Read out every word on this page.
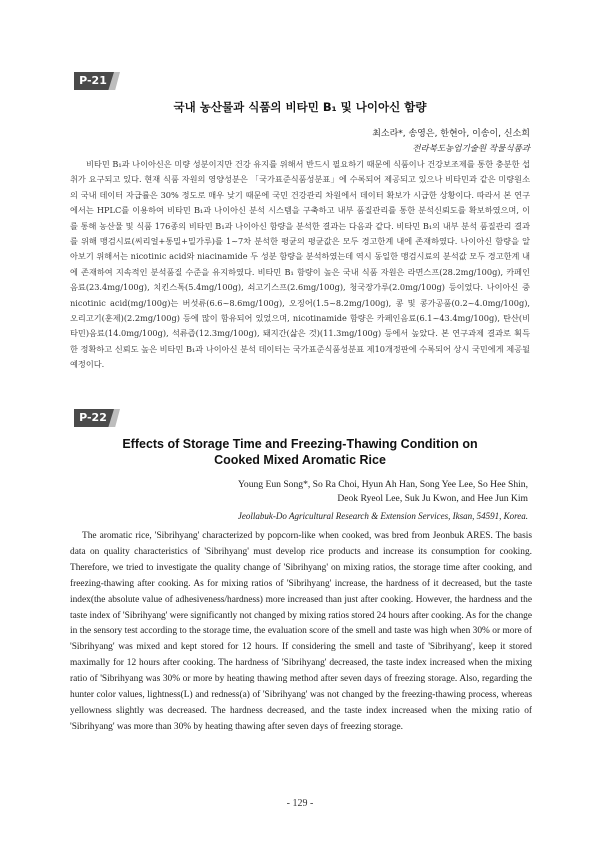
P-21
국내 농산물과 식품의 비타민 B₁ 및 나이아신 함량
최소라*, 송영은, 한현아, 이송이, 신소희
전라북도농업기술원 작물식품과

비타민 B₁과 나이아신은 미량 성분이지만 건강 유지를 위해서 반드시 필요하기 때문에 식품이나 건강보조제를 통한 충분한 섭취가 요구되고 있다. 현재 식품 자원의 영양성분은 「국가표준식품성분표」에 수록되어 제공되고 있으나 비타민과 같은 미량원소의 국내 데이터 자급률은 30% 정도로 매우 낮기 때문에 국민 건강관리 차원에서 데이터 확보가 시급한 상황이다. 따라서 본 연구에서는 HPLC를 이용하여 비타민 B₁과 나이아신 분석 시스템을 구축하고 내부 품질관리를 통한 분석신뢰도를 확보하였으며, 이를 통해 농산물 및 식품 176종의 비타민 B₁과 나이아신 함량을 분석한 결과는 다음과 같다. 비타민 B₁의 내부 분석 품질관리 결과를 위해 맹검시료(씨리얼+통밀+밀가루)를 1~7차 분석한 평균의 평균값은 모두 경고한계 내에 존재하였다. 나이아신 함량을 알아보기 위해서는 nicotinic acid와 niacinamide 두 성분 함량을 분석하였는데 역시 동일한 맹검시료의 분석값 모두 경고한계 내에 존재하여 지속적인 분석품질 수준을 유지하였다. 비타민 B₁ 함량이 높은 국내 식품 자원은 라면스프(28.2mg/100g), 카페인음료(23.4mg/100g), 치킨스톡(5.4mg/100g), 쇠고기스프(2.6mg/100g), 청국장가루(2.0mg/100g) 등이었다. 나이아신 중 nicotinic acid(mg/100g)는 버섯류(6.6~8.6mg/100g), 오징어(1.5~8.2mg/100g), 콩 및 콩가공품(0.2~4.0mg/100g), 오리고기(훈제)(2.2mg/100g) 등에 많이 함유되어 있었으며, nicotinamide 함량은 카페인음료(6.1~43.4mg/100g), 탄산(비타민)음료(14.0mg/100g), 석류즙(12.3mg/100g), 돼지간(삶은 것)(11.3mg/100g) 등에서 높았다. 본 연구과제 결과로 획득한 정확하고 신뢰도 높은 비타민 B₁과 나이아신 분석 데이터는 국가표준식품성분표 제10개정판에 수록되어 상시 국민에게 제공될 예정이다.

P-22
Effects of Storage Time and Freezing-Thawing Condition on
Cooked Mixed Aromatic Rice
Young Eun Song*, So Ra Choi, Hyun Ah Han, Song Yee Lee, So Hee Shin,
Deok Ryeol Lee, Suk Ju Kwon, and Hee Jun Kim
Jeollabuk-Do Agricultural Research & Extension Services, Iksan, 54591, Korea.

The aromatic rice, 'Sibrihyang' characterized by popcorn-like when cooked, was bred from Jeonbuk ARES. The basis data on quality characteristics of 'Sibrihyang' must develop rice products and increase its consumption for cooking. Therefore, we tried to investigate the quality change of 'Sibrihyang' on mixing ratios, the storage time after cooking, and freezing-thawing after cooking. As for mixing ratios of 'Sibrihyang' increase, the hardness of it decreased, but the taste index(the absolute value of adhesiveness/hardness) more increased than just after cooking. However, the hardness and the taste index of 'Sibrihyang' were significantly not changed by mixing ratios stored 24 hours after cooking. As for the change in the sensory test according to the storage time, the evaluation score of the smell and taste was high when 30% or more of 'Sibrihyang' was mixed and kept stored for 12 hours. If considering the smell and taste of 'Sibrihyang', keep it stored maximally for 12 hours after cooking. The hardness of 'Sibrihyang' decreased, the taste index increased when the mixing ratio of 'Sibrihyang was 30% or more by heating thawing method after seven days of freezing storage. Also, regarding the hunter color values, lightness(L) and redness(a) of 'Sibrihyang' was not changed by the freezing-thawing process, whereas yellowness slightly was decreased. The hardness decreased, and the taste index increased when the mixing ratio of 'Sibrihyang' was more than 30% by heating thawing after seven days of freezing storage.

- 129 -
